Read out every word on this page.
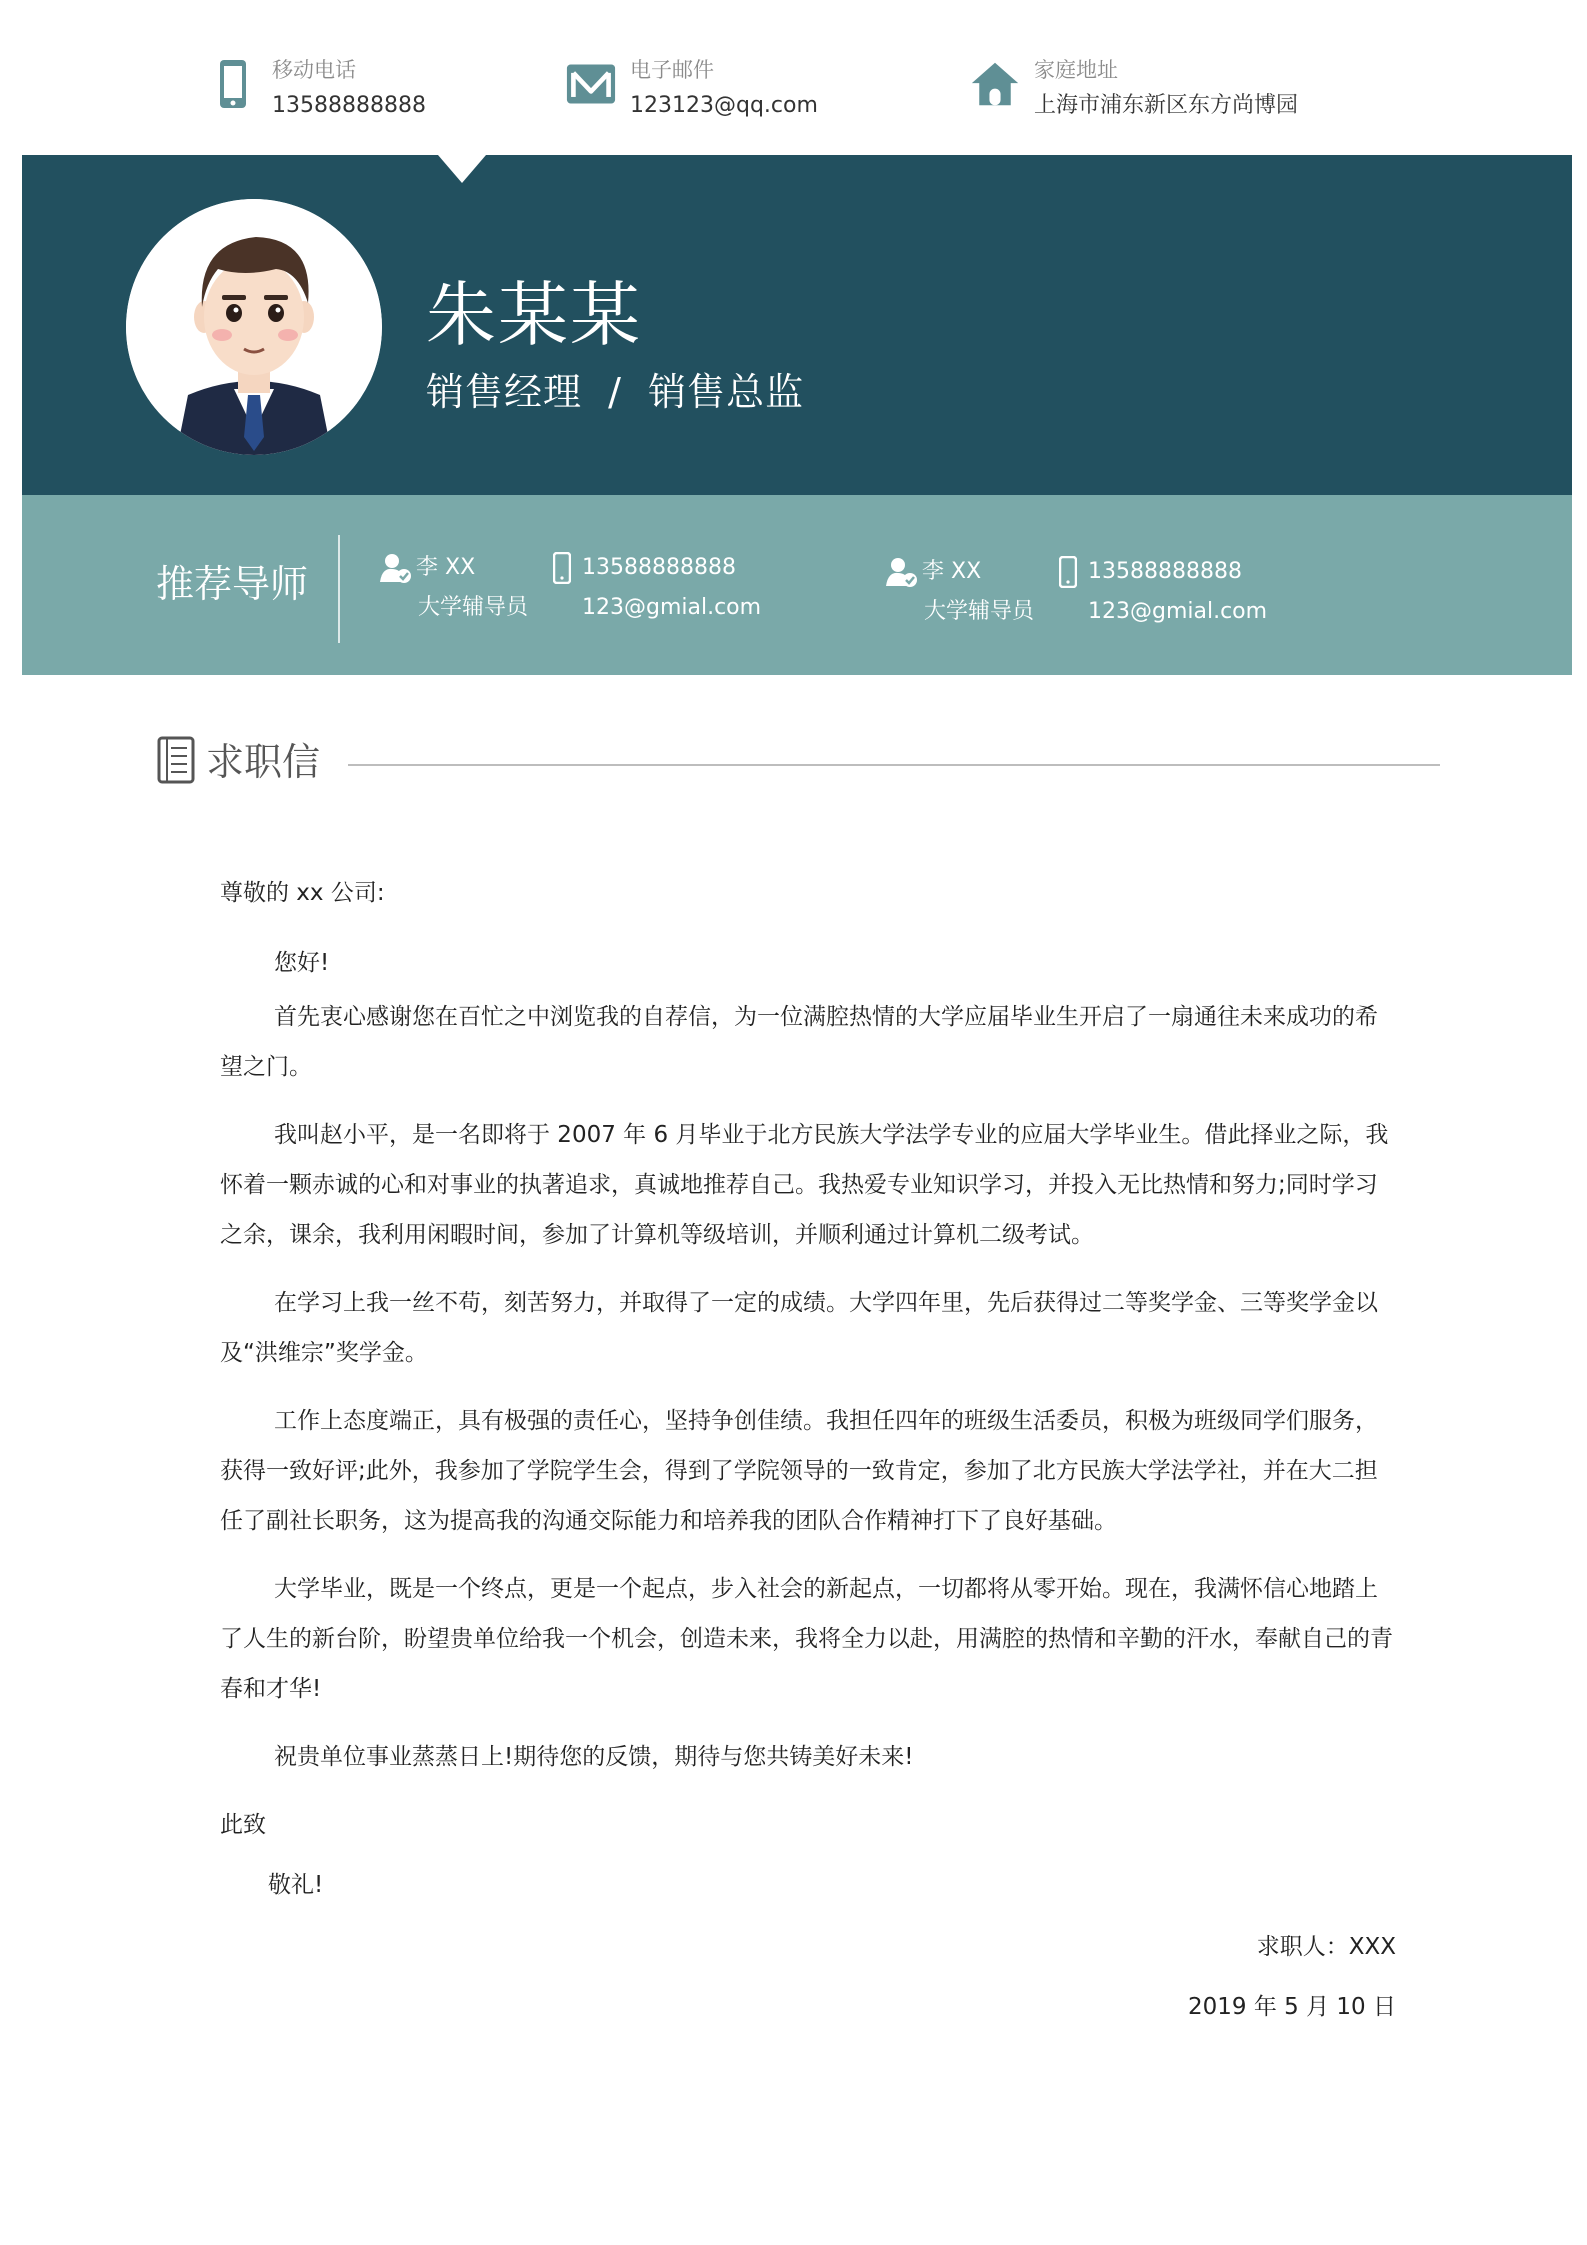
移动电话
13588888888
电子邮件
123123@qq.com
家庭地址
上海市浦东新区东方尚博园
朱某某
销售经理  /  销售总监
推荐导师	李 XX
大学辅导员
13588888888
123@gmial.com
李 XX
大学辅导员
13588888888
123@gmial.com
求职信

尊敬的 xx 公司:

您好!

首先衷心感谢您在百忙之中浏览我的自荐信，为一位满腔热情的大学应届毕业生开启了一扇通往未来成功的希望之门。

我叫赵小平，是一名即将于 2007 年 6 月毕业于北方民族大学法学专业的应届大学毕业生。借此择业之际，我怀着一颗赤诚的心和对事业的执著追求，真诚地推荐自己。我热爱专业知识学习，并投入无比热情和努力;同时学习之余，课余，我利用闲暇时间，参加了计算机等级培训，并顺利通过计算机二级考试。

在学习上我一丝不苟，刻苦努力，并取得了一定的成绩。大学四年里，先后获得过二等奖学金、三等奖学金以及“洪维宗”奖学金。

工作上态度端正，具有极强的责任心，坚持争创佳绩。我担任四年的班级生活委员，积极为班级同学们服务，获得一致好评;此外，我参加了学院学生会，得到了学院领导的一致肯定，参加了北方民族大学法学社，并在大二担任了副社长职务，这为提高我的沟通交际能力和培养我的团队合作精神打下了良好基础。

大学毕业，既是一个终点，更是一个起点，步入社会的新起点，一切都将从零开始。现在，我满怀信心地踏上了人生的新台阶，盼望贵单位给我一个机会，创造未来，我将全力以赴，用满腔的热情和辛勤的汗水，奉献自己的青春和才华!

祝贵单位事业蒸蒸日上!期待您的反馈，期待与您共铸美好未来!

此致

敬礼!

求职人：XXX

2019 年 5 月 10 日
